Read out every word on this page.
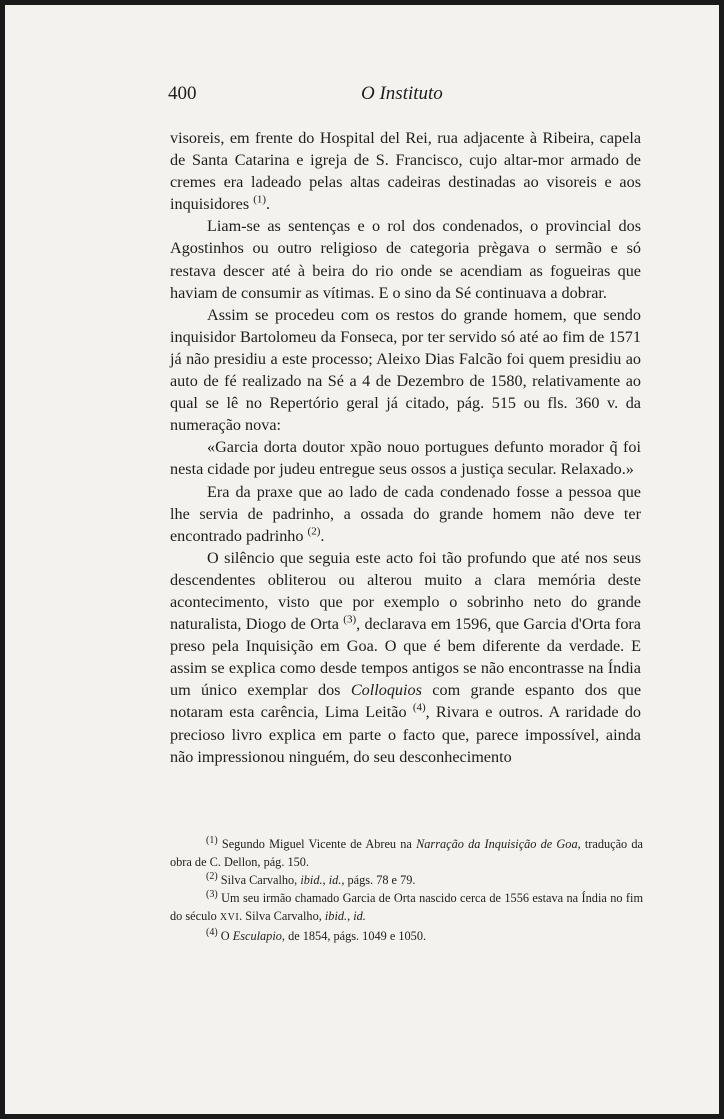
400	O Instituto

visoreis, em frente do Hospital del Rei, rua adjacente à Ribeira, capela de Santa Catarina e igreja de S. Francisco, cujo altar-mor armado de cremes era ladeado pelas altas cadeiras destinadas ao visoreis e aos inquisidores $^{(1)}$.

Liam-se as sentenças e o rol dos condenados, o provincial dos Agostinhos ou outro religioso de categoria prègava o sermão e só restava descer até à beira do rio onde se acendiam as fogueiras que haviam de consumir as vítimas. E o sino da Sé continuava a dobrar.

Assim se procedeu com os restos do grande homem, que sendo inquisidor Bartolomeu da Fonseca, por ter servido só até ao fim de 1571 já não presidiu a este processo; Aleixo Dias Falcão foi quem presidiu ao auto de fé realizado na Sé a 4 de Dezembro de 1580, relativamente ao qual se lê no Repertório geral já citado, pág. 515 ou fls. 360 v. da numeração nova:

«Garcia dorta doutor xpão nouo portugues defunto morador q̃ foi nesta cidade por judeu entregue seus ossos a justiça secular. Relaxado.»

Era da praxe que ao lado de cada condenado fosse a pessoa que lhe servia de padrinho, a ossada do grande homem não deve ter encontrado padrinho $^{(2)}$.

O silêncio que seguia este acto foi tão profundo que até nos seus descendentes obliterou ou alterou muito a clara memória deste acontecimento, visto que por exemplo o sobrinho neto do grande naturalista, Diogo de Orta $^{(3)}$, declarava em 1596, que Garcia d'Orta fora preso pela Inquisição em Goa. O que é bem diferente da verdade. E assim se explica como desde tempos antigos se não encontrasse na Índia um único exemplar dos Colloquios com grande espanto dos que notaram esta carência, Lima Leitão $^{(4)}$, Rivara e outros. A raridade do precioso livro explica em parte o facto que, parece impossível, ainda não impressionou ninguém, do seu desconhecimento

$^{(1)}$ Segundo Miguel Vicente de Abreu na Narração da Inquisição de Goa, tradução da obra de C. Dellon, pág. 150.

$^{(2)}$ Silva Carvalho, ibid., id., págs. 78 e 79.

$^{(3)}$ Um seu irmão chamado Garcia de Orta nascido cerca de 1556 estava na Índia no fim do século XVI. Silva Carvalho, ibid., id.

$^{(4)}$ O Esculapio, de 1854, págs. 1049 e 1050.
